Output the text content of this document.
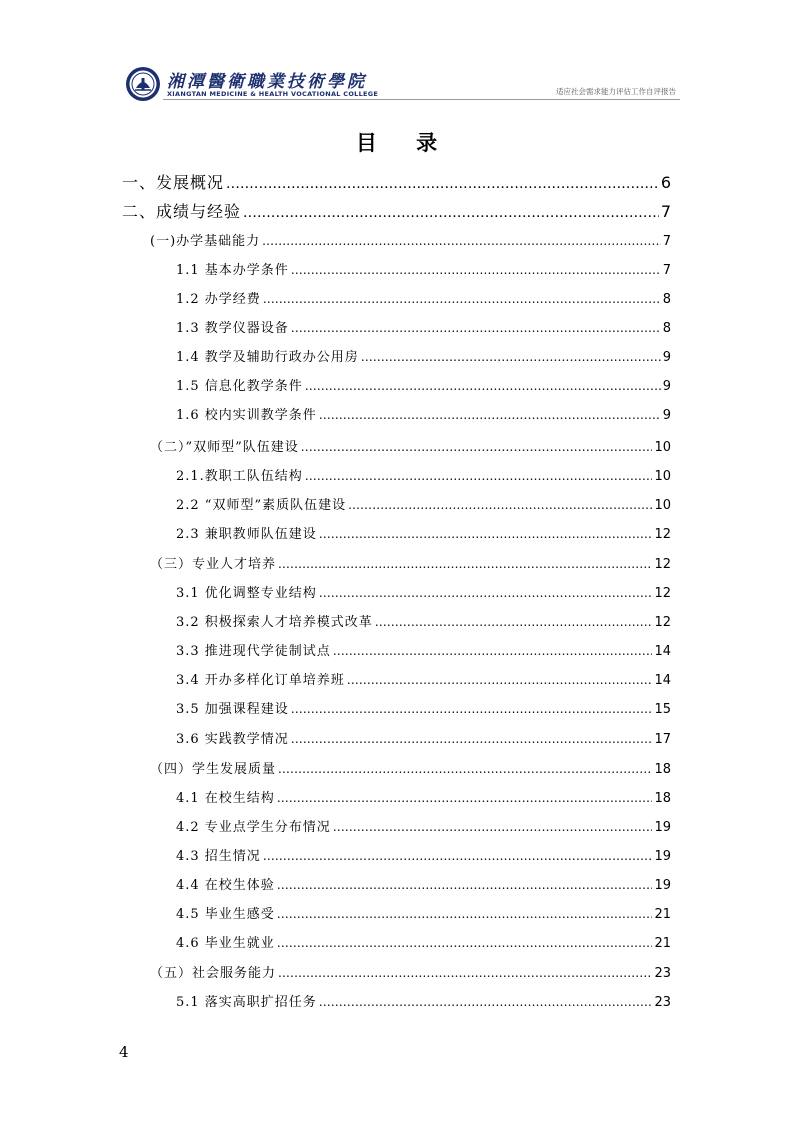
湘潭醫衛職業技術學院
XIANGTAN MEDICINE & HEALTH VOCATIONAL COLLEGE	适应社会需求能力评估工作自评报告
目 录
一、发展概况 .....	6
二、成绩与经验 .....	7
(一)办学基础能力 .....	7
1.1 基本办学条件 .....	7
1.2 办学经费 .....	8
1.3 教学仪器设备 .....	8
1.4 教学及辅助行政办公用房 .....	9
1.5 信息化教学条件 .....	9
1.6 校内实训教学条件 .....	9
（二）”双师型”队伍建设 .....	10
2.1.教职工队伍结构 .....	10
2.2 “双师型”素质队伍建设 .....	10
2.3 兼职教师队伍建设 .....	12
（三）专业人才培养 .....	12
3.1 优化调整专业结构 .....	12
3.2 积极探索人才培养模式改革 .....	12
3.3 推进现代学徒制试点 .....	14
3.4 开办多样化订单培养班 .....	14
3.5 加强课程建设 .....	15
3.6 实践教学情况 .....	17
（四）学生发展质量 .....	18
4.1 在校生结构 .....	18
4.2 专业点学生分布情况 .....	19
4.3 招生情况 .....	19
4.4 在校生体验 .....	19
4.5 毕业生感受 .....	21
4.6 毕业生就业 .....	21
（五）社会服务能力 .....	23
5.1 落实高职扩招任务 .....	23
4
